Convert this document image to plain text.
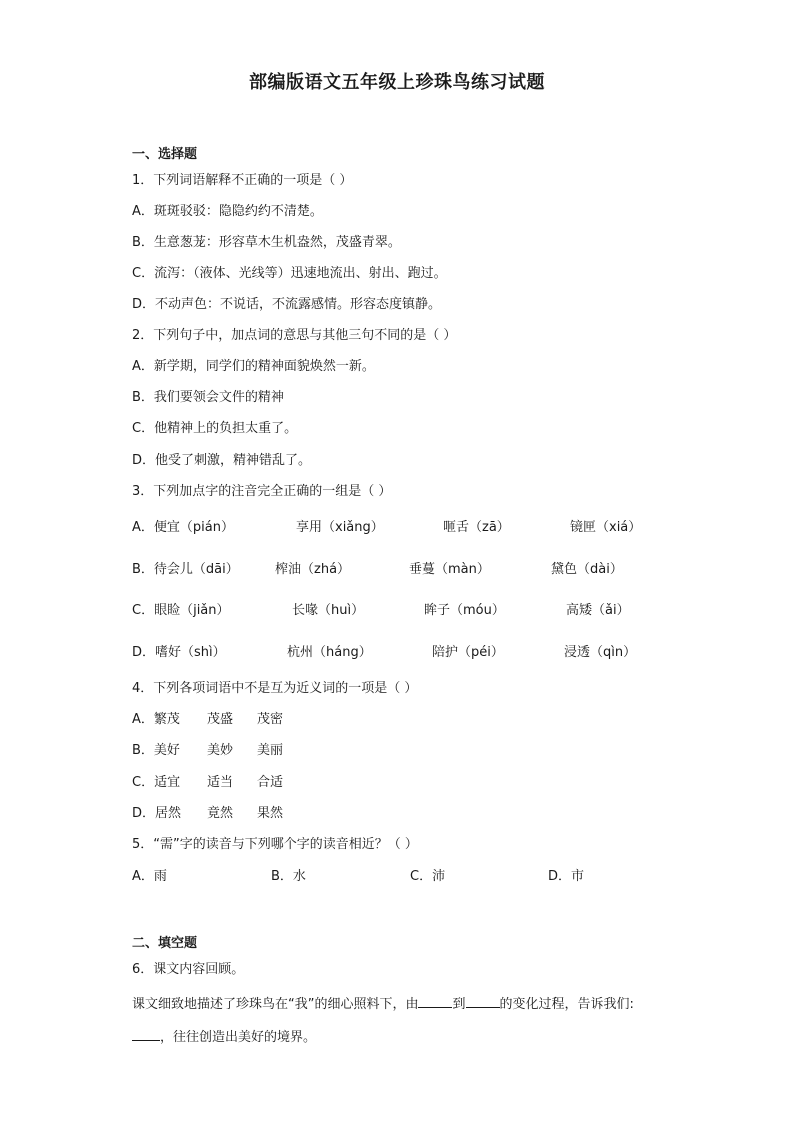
部编版语文五年级上珍珠鸟练习试题
一、选择题
1．下列词语解释不正确的一项是（ ）
A．斑斑驳驳：隐隐约约不清楚。
B．生意葱茏：形容草木生机盎然，茂盛青翠。
C．流泻：（液体、光线等）迅速地流出、射出、跑过。
D．不动声色：不说话，不流露感情。形容态度镇静。
2．下列句子中，加点词的意思与其他三句不同的是（ ）
A．新学期，同学们的精神面貌焕然一新。
B．我们要领会文件的精神
C．他精神上的负担太重了。
D．他受了刺激，精神错乱了。
3．下列加点字的注音完全正确的一组是（ ）
A．便宜（pián）	享用（xiǎng）	咂舌（zā）	镜匣（xiá）
B．待会儿（dāi）	榨油（zhá）	垂蔓（màn）	黛色（dài）
C．眼睑（jiǎn）	长喙（huì）	眸子（móu）	高矮（ǎi）
D．嗜好（shì）	杭州（háng）	陪护（péi）	浸透（qìn）
4．下列各项词语中不是互为近义词的一项是（ ）
A．繁茂 茂盛 茂密
B．美好 美妙 美丽
C．适宜 适当 合适
D．居然 竟然 果然
5．“需”字的读音与下列哪个字的读音相近？（ ）
A．雨	B．水	C．沛	D．市
二、填空题
6．课文内容回顾。
课文细致地描述了珍珠鸟在“我”的细心照料下，由	到	的变化过程，告诉我们:
，往往创造出美好的境界。
